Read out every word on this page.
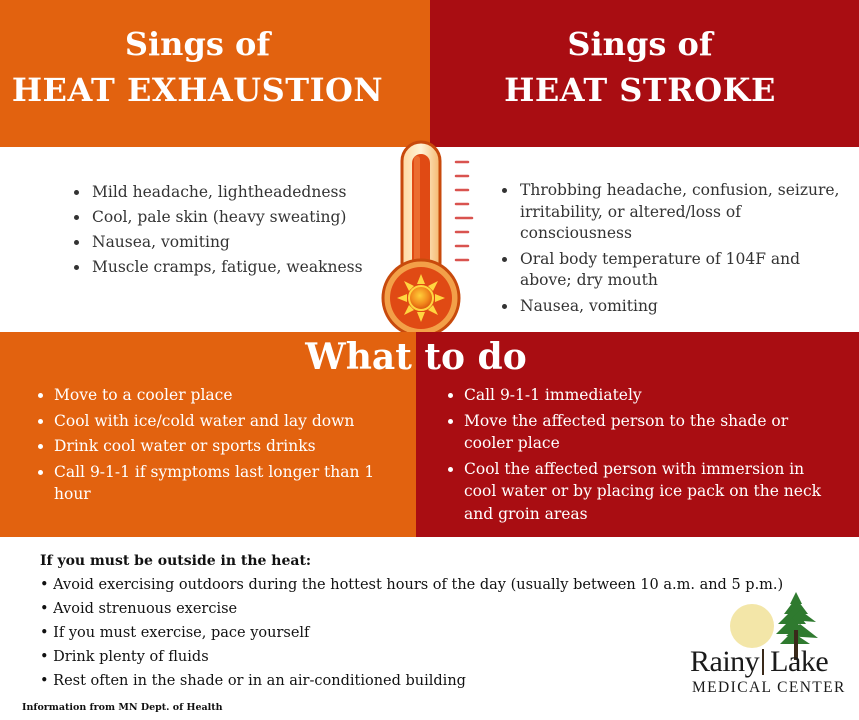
Sings of
HEAT EXHAUSTION
Sings of
HEAT STROKE
• Mild headache, lightheadedness
• Cool, pale skin (heavy sweating)
• Nausea, vomiting
• Muscle cramps, fatigue, weakness
• Throbbing headache, confusion, seizure, irritability, or altered/loss of consciousness
• Oral body temperature of 104F and above; dry mouth
• Nausea, vomiting
What to do
• Move to a cooler place
• Cool with ice/cold water and lay down
• Drink cool water or sports drinks
• Call 9-1-1 if symptoms last longer than 1 hour
• Call 9-1-1 immediately
• Move the affected person to the shade or cooler place
• Cool the affected person with immersion in cool water or by placing ice pack on the neck and groin areas
If you must be outside in the heat:
• Avoid exercising outdoors during the hottest hours of the day (usually between 10 a.m. and 5 p.m.)
• Avoid strenuous exercise
• If you must exercise, pace yourself
• Drink plenty of fluids
• Rest often in the shade or in an air-conditioned building
Information from MN Dept. of Health
Rainy Lake
MEDICAL CENTER
